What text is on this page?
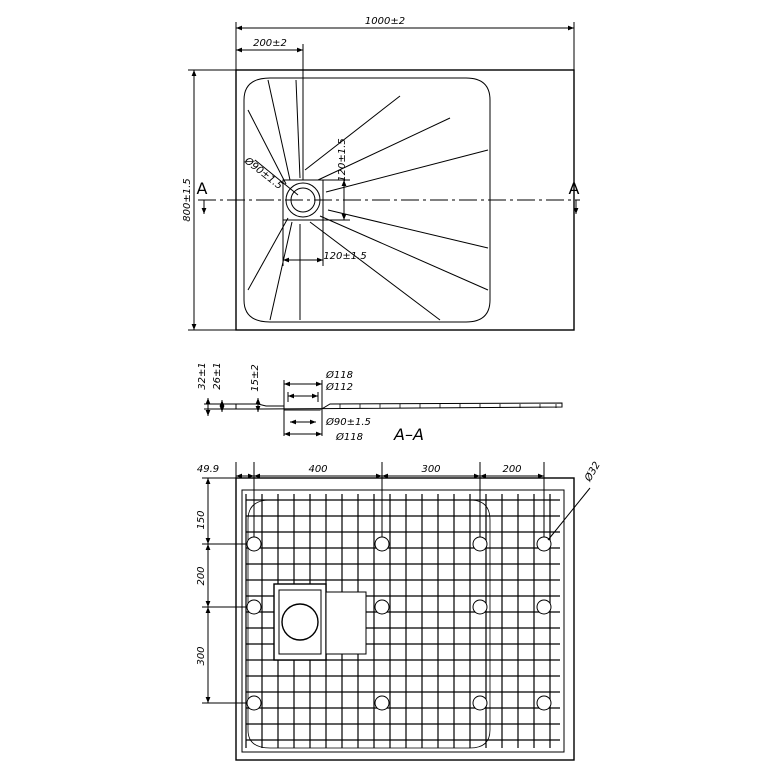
1000±2
200±2
800±1.5
Ø90±1.5	120±1.5
120±1.5
A	A
32±1 26±1	15±2	Ø118
Ø112
Ø90±1.5
Ø118 A–A
49.9	400	300	200	Ø32
150
200
300
